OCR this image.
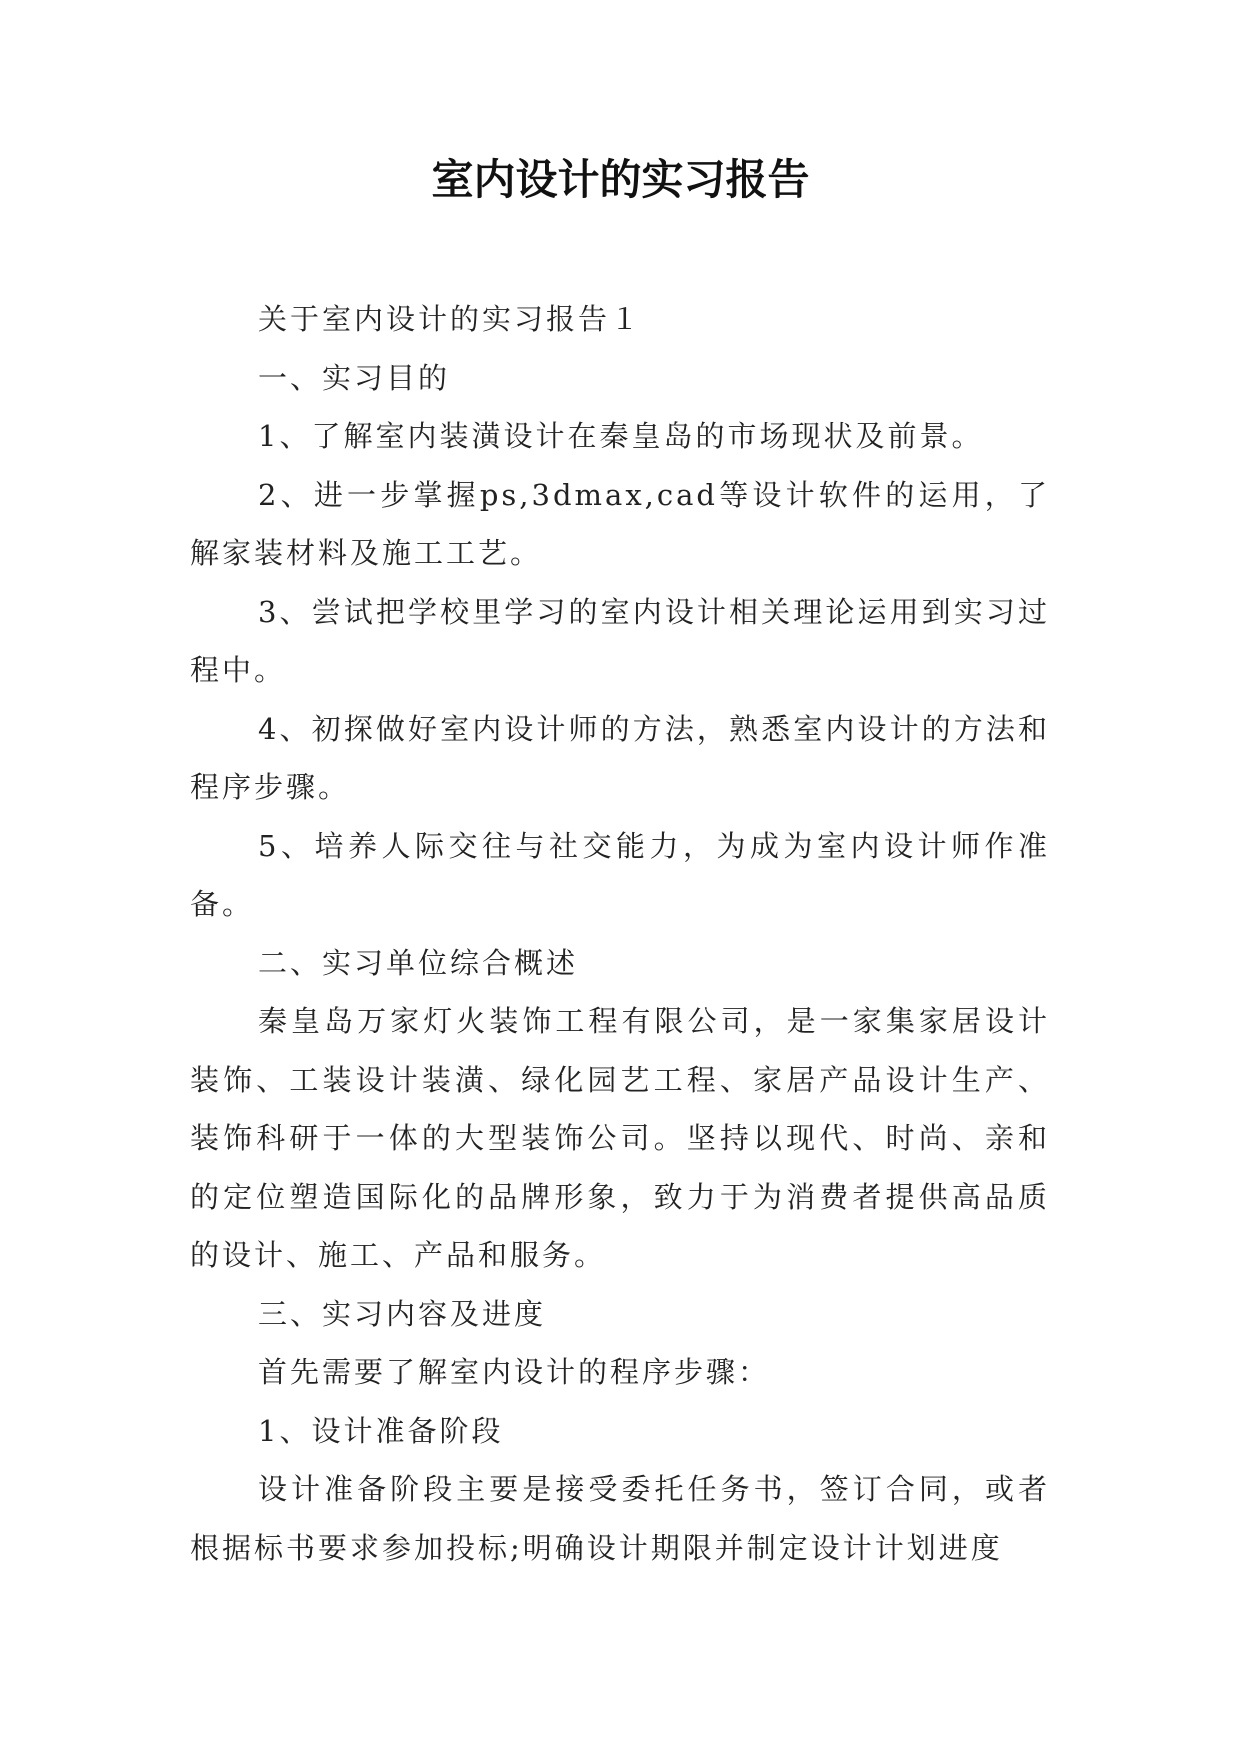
室内设计的实习报告

关于室内设计的实习报告１

一、实习目的

1、了解室内装潢设计在秦皇岛的市场现状及前景。

2、进一步掌握ps,3dmax,cad等设计软件的运用，了解家装材料及施工工艺。

3、尝试把学校里学习的室内设计相关理论运用到实习过程中。

4、初探做好室内设计师的方法，熟悉室内设计的方法和程序步骤。

5、培养人际交往与社交能力，为成为室内设计师作准备。

二、实习单位综合概述

秦皇岛万家灯火装饰工程有限公司，是一家集家居设计装饰、工装设计装潢、绿化园艺工程、家居产品设计生产、装饰科研于一体的大型装饰公司。坚持以现代、时尚、亲和的定位塑造国际化的品牌形象，致力于为消费者提供高品质的设计、施工、产品和服务。

三、实习内容及进度

首先需要了解室内设计的程序步骤：

1、设计准备阶段

设计准备阶段主要是接受委托任务书，签订合同，或者根据标书要求参加投标;明确设计期限并制定设计计划进度
